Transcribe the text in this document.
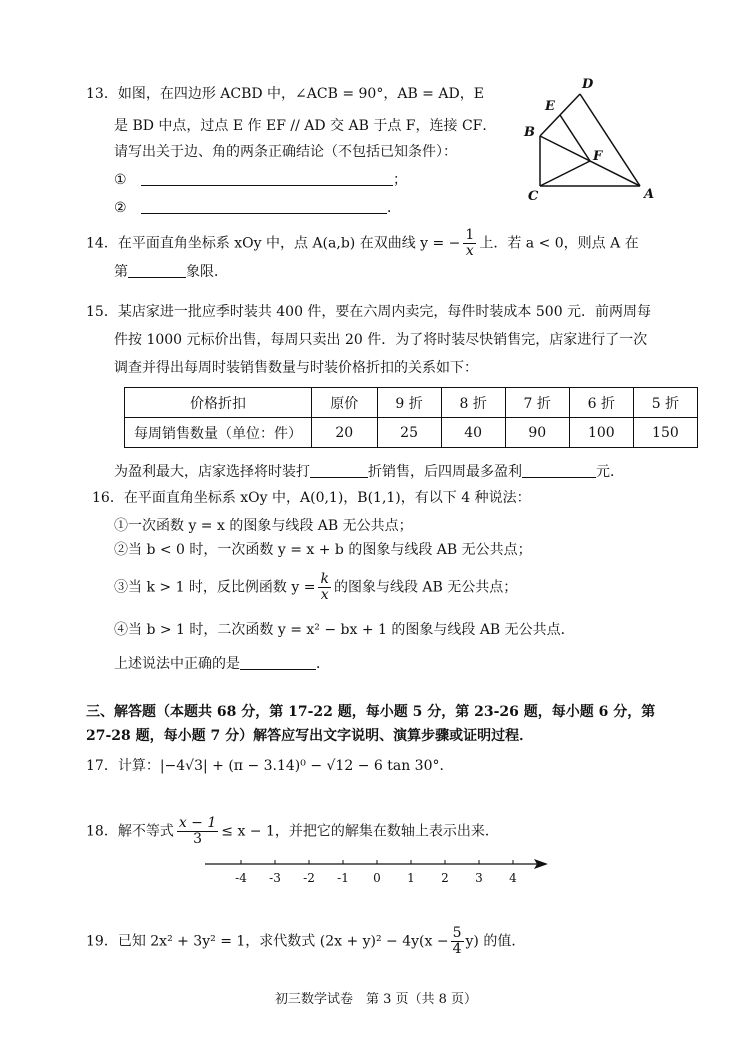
13．如图，在四边形 ACBD 中，∠ACB = 90°，AB = AD，E
是 BD 中点，过点 E 作 EF // AD 交 AB 于点 F，连接 CF．
请写出关于边、角的两条正确结论（不包括已知条件）：
①	；
②	．
D
E
B
F
C	A
14．在平面直角坐标系 xOy 中，点 A(a,b) 在双曲线 y = − $\frac{1}{x}$ 上．若 a < 0，则点 A 在
第	象限．
15．某店家进一批应季时装共 400 件，要在六周内卖完，每件时装成本 500 元．前两周每
件按 1000 元标价出售，每周只卖出 20 件．为了将时装尽快销售完，店家进行了一次
调查并得出每周时装销售数量与时装价格折扣的关系如下：
价格折扣	原价	9 折	8 折	7 折	6 折	5 折
每周销售数量（单位：件）	20	25	40	90	100	150
为盈利最大，店家选择将时装打	折销售，后四周最多盈利	元．
16．在平面直角坐标系 xOy 中，A(0,1)，B(1,1)，有以下 4 种说法：
①一次函数 y = x 的图象与线段 AB 无公共点；
②当 b < 0 时，一次函数 y = x + b 的图象与线段 AB 无公共点；
③当 k > 1 时，反比例函数 $y = \frac{k}{x}$ 的图象与线段 AB 无公共点；
④当 b > 1 时，二次函数 y = x² − bx + 1 的图象与线段 AB 无公共点．
上述说法中正确的是	．
三、解答题（本题共 68 分，第 17-22 题，每小题 5 分，第 23-26 题，每小题 6 分，第
27-28 题，每小题 7 分）解答应写出文字说明、演算步骤或证明过程．
17．计算：|−4√3| + (π − 3.14)⁰ − √12 − 6 tan 30°．
18．解不等式 $\frac{x - 1}{3} \le x - 1$，并把它的解集在数轴上表示出来．
-4 -3 -2 -1 0 1 2 3 4
19．已知 2x² + 3y² = 1，求代数式 $(2x + y)^2 - 4y(x - \frac{5}{4} y)$ 的值．
初三数学试卷　第 3 页（共 8 页）
